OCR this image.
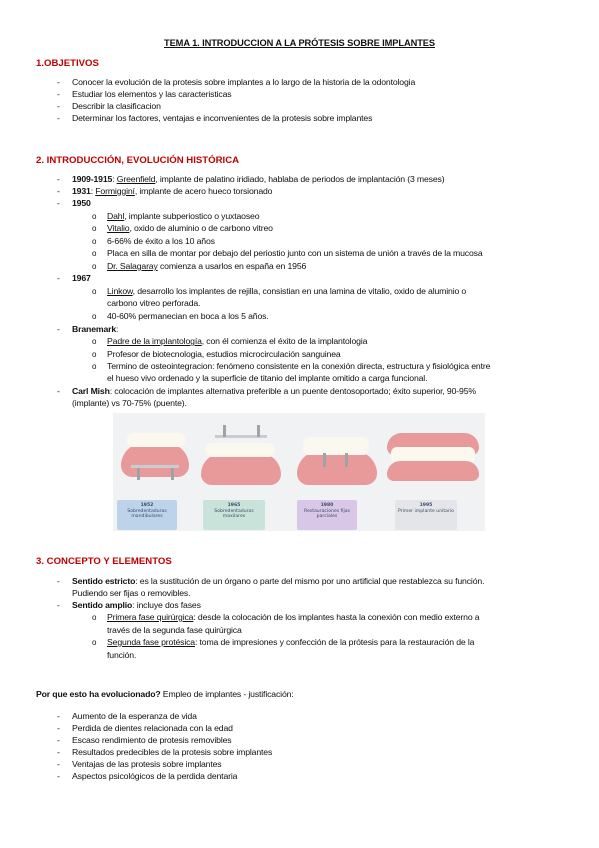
TEMA 1. INTRODUCCION A LA PRÓTESIS SOBRE IMPLANTES
1.OBJETIVOS
- Conocer la evolución de la protesis sobre implantes a lo largo de la historia de la odontologia
- Estudiar los elementos y las caracteristicas
- Describir la clasificacion
- Determinar los factores, ventajas e inconvenientes de la protesis sobre implantes
2. INTRODUCCIÓN, EVOLUCIÓN HISTÓRICA
- 1909-1915: Greenfield, implante de palatino iridiado, hablaba de periodos de implantación (3 meses)
- 1931: Formigginí, implante de acero hueco torsionado
- 1950
o Dahl, implante subperiostico o yuxtaoseo
o Vitalio, oxido de aluminio o de carbono vitreo
o 6-66% de éxito a los 10 años
o Placa en silla de montar por debajo del periostio junto con un sistema de unión a través de la mucosa
o Dr. Salagaray comienza a usarlos en españa en 1956
- 1967
o Linkow, desarrollo los implantes de rejilla, consistian en una lamina de vitalio, oxido de aluminio o
carbono vitreo perforada.
o 40-60% permanecian en boca a los 5 años.
- Branemark:
o Padre de la implantología, con él comienza el éxito de la implantologia
o Profesor de biotecnologia, estudios microcirculación sanguinea
o Termino de osteointegracion: fenómeno consistente en la conexión directa, estructura y fisiológica entre
el hueso vivo ordenado y la superficie de titanio del implante omitido a carga funcional.
- Carl Mish: colocación de implantes alternativa preferible a un puente dentosoportado; éxito superior, 90-95%
(implante) vs 70-75% (puente).
1952
Sobredentaduras mandibulares
1965
Sobredentaduras maxilares
1980
Restauraciones fijas parciales
1995
Primer implante unitario
3. CONCEPTO Y ELEMENTOS
- Sentido estricto: es la sustitución de un órgano o parte del mismo por uno artificial que restablezca su función.
Pudiendo ser fijas o removibles.
- Sentido amplio: incluye dos fases
o Primera fase quirúrgica: desde la colocación de los implantes hasta la conexión con medio externo a
través de la segunda fase quirúrgica
o Segunda fase protésica: toma de impresiones y confección de la prótesis para la restauración de la
función.
Por que esto ha evolucionado? Empleo de implantes - justificación:
- Aumento de la esperanza de vida
- Perdida de dientes relacionada con la edad
- Escaso rendimiento de protesis removibles
- Resultados predecibles de la protesis sobre implantes
- Ventajas de las protesis sobre implantes
- Aspectos psicológicos de la perdida dentaria
